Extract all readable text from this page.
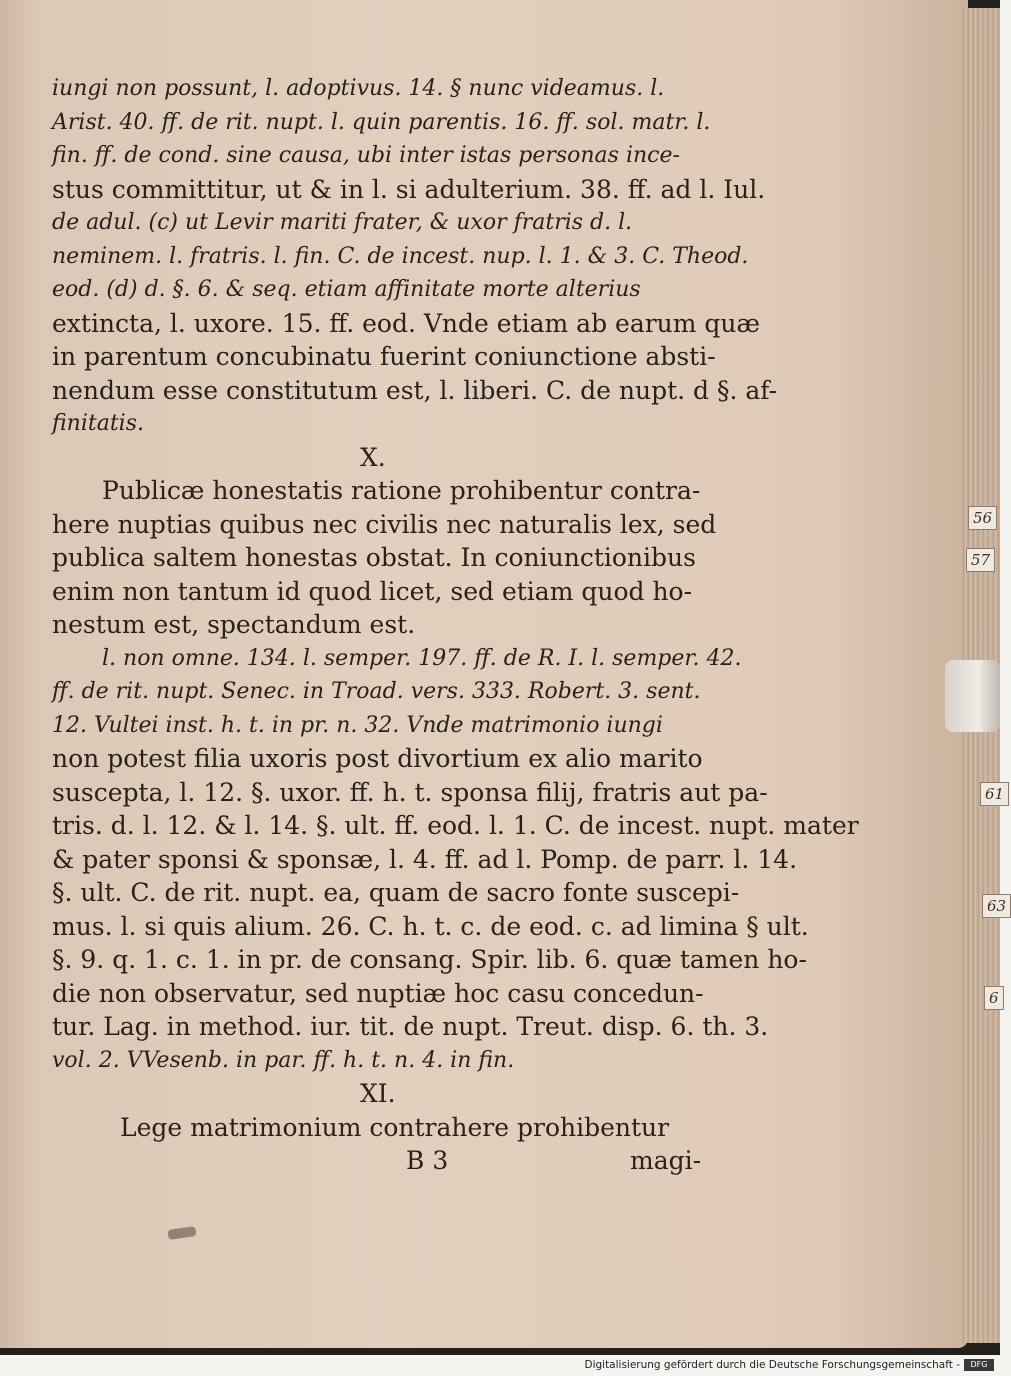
56
57
61
63
6
iungi non possunt, l. adoptivus. 14. § nunc videamus. l.
Arist. 40. ff. de rit. nupt. l. quin parentis. 16. ff. sol. matr. l.
fin. ff. de cond. sine causa, ubi inter istas personas ince-
stus committitur, ut & in l. si adulterium. 38. ff. ad l. Iul.
de adul. (c) ut Levir mariti frater, & uxor fratris d. l.
neminem. l. fratris. l. fin. C. de incest. nup. l. 1. & 3. C. Theod.
eod. (d) d. §. 6. & seq. etiam affinitate morte alterius
extincta, l. uxore. 15. ff. eod. Vnde etiam ab earum quæ
in parentum concubinatu fuerint coniunctione absti-
nendum esse constitutum est, l. liberi. C. de nupt. d §. af-
finitatis.
X.
Publicæ honestatis ratione prohibentur contra-
here nuptias quibus nec civilis nec naturalis lex, sed
publica saltem honestas obstat. In coniunctionibus
enim non tantum id quod licet, sed etiam quod ho-
nestum est, spectandum est.
l. non omne. 134. l. semper. 197. ff. de R. I. l. semper. 42.
ff. de rit. nupt. Senec. in Troad. vers. 333. Robert. 3. sent.
12. Vultei inst. h. t. in pr. n. 32. Vnde matrimonio iungi
non potest filia uxoris post divortium ex alio marito
suscepta, l. 12. §. uxor. ff. h. t. sponsa filij, fratris aut pa-
tris. d. l. 12. & l. 14. §. ult. ff. eod. l. 1. C. de incest. nupt. mater
& pater sponsi & sponsæ, l. 4. ff. ad l. Pomp. de parr. l. 14.
§. ult. C. de rit. nupt. ea, quam de sacro fonte suscepi-
mus. l. si quis alium. 26. C. h. t. c. de eod. c. ad limina § ult.
§. 9. q. 1. c. 1. in pr. de consang. Spir. lib. 6. quæ tamen ho-
die non observatur, sed nuptiæ hoc casu concedun-
tur. Lag. in method. iur. tit. de nupt. Treut. disp. 6. th. 3.
vol. 2. VVesenb. in par. ff. h. t. n. 4. in fin.
XI.
Lege matrimonium contrahere prohibentur
B 3	magi-
Digitalisierung gefördert durch die Deutsche Forschungsgemeinschaft -	DFG
